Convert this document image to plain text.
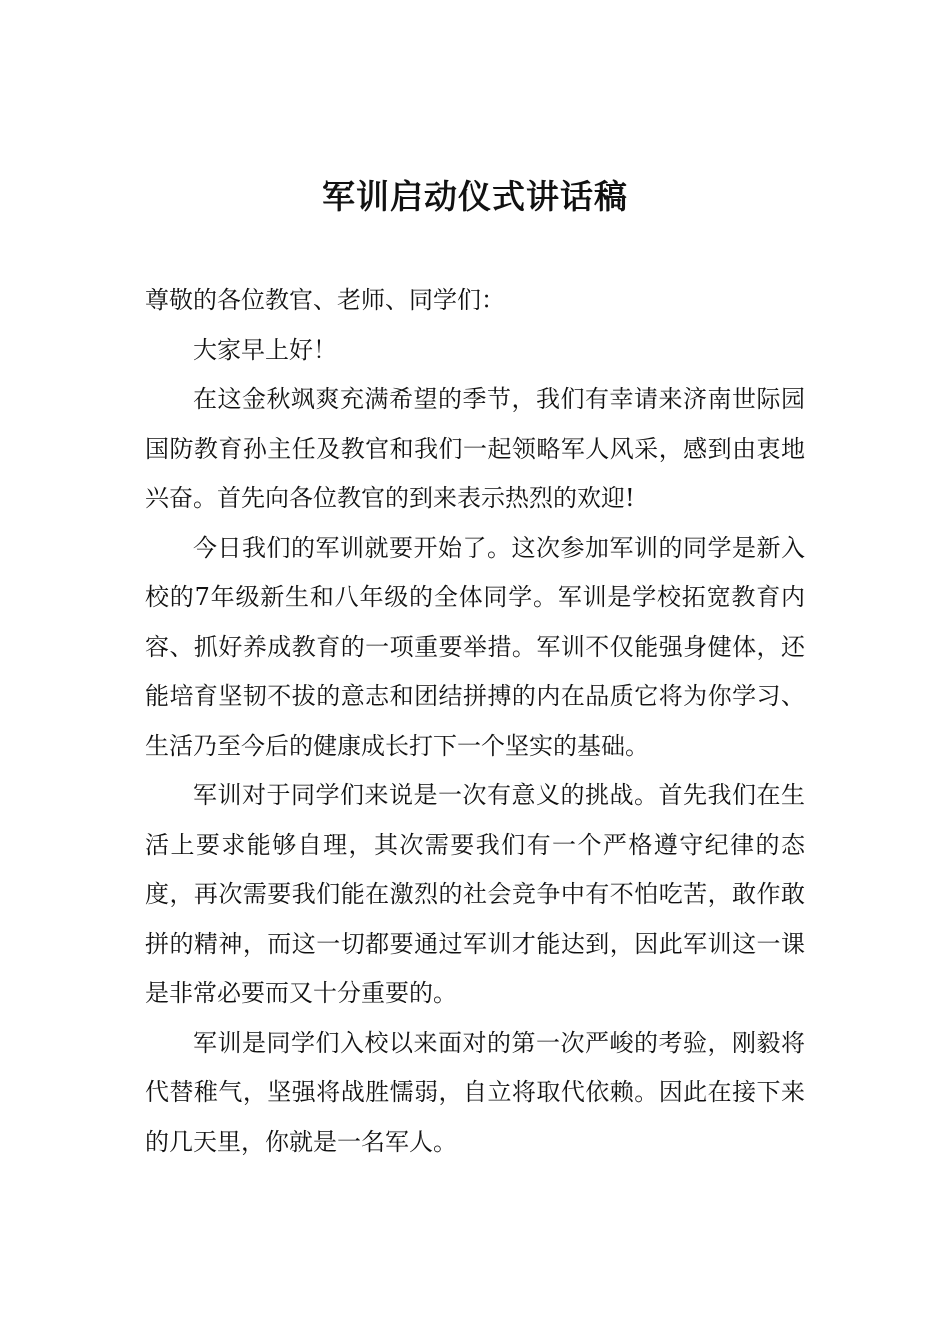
军训启动仪式讲话稿

尊敬的各位教官、老师、同学们：

大家早上好！

在这金秋飒爽充满希望的季节，我们有幸请来济南世际园国防教育孙主任及教官和我们一起领略军人风采，感到由衷地兴奋。首先向各位教官的到来表示热烈的欢迎!

今日我们的军训就要开始了。这次参加军训的同学是新入校的7年级新生和八年级的全体同学。军训是学校拓宽教育内容、抓好养成教育的一项重要举措。军训不仅能强身健体，还能培育坚韧不拔的意志和团结拼搏的内在品质它将为你学习、生活乃至今后的健康成长打下一个坚实的基础。

军训对于同学们来说是一次有意义的挑战。首先我们在生活上要求能够自理，其次需要我们有一个严格遵守纪律的态度，再次需要我们能在激烈的社会竞争中有不怕吃苦，敢作敢拼的精神，而这一切都要通过军训才能达到，因此军训这一课是非常必要而又十分重要的。

军训是同学们入校以来面对的第一次严峻的考验，刚毅将代替稚气，坚强将战胜懦弱，自立将取代依赖。因此在接下来的几天里，你就是一名军人。
